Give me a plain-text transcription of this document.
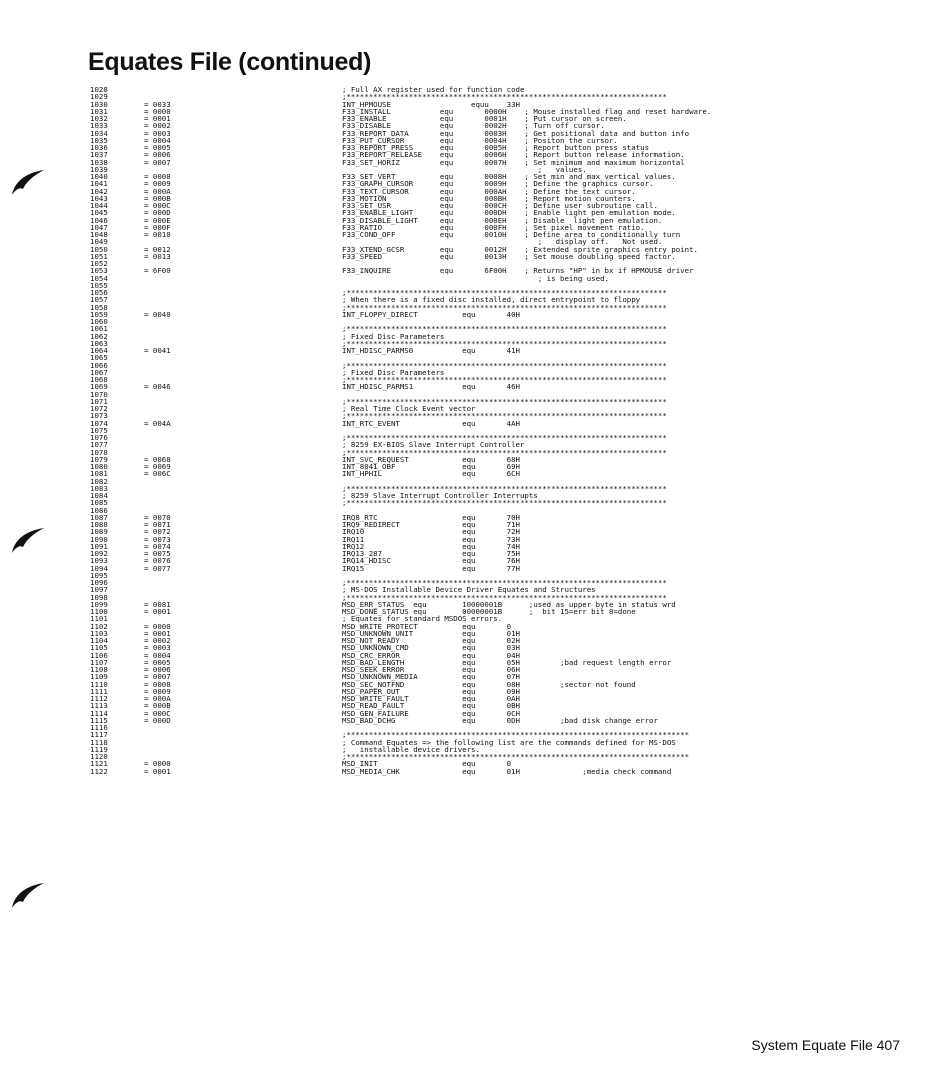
Equates File (continued)
1028	; Full AX register used for function code
1029	;************************************************************************
1030	= 0033	INT_HPMOUSE                  equu    33H
1031	= 0000	F33_INSTALL           equ       0000H    ; Mouse installed flag and reset hardware.
1032	= 0001	F33_ENABLE            equ       0001H    ; Put cursor on screen.
1033	= 0002	F33_DISABLE           equ       0002H    ; Turn off cursor.
1034	= 0003	F33_REPORT_DATA       equ       0003H    ; Get positional data and button info
1035	= 0004	F33_PUT_CURSOR        equ       0004H    ; Positon the cursor.
1036	= 0005	F33_REPORT_PRESS      equ       0005H    ; Report button press status
1037	= 0006	F33_REPORT_RELEASE    equ       0006H    ; Report button release information.
1038	= 0007	F33_SET_HORIZ         equ       0007H    ; Set minimum and maximum horizontal
1039	;   values.
1040	= 0008	F33_SET_VERT          equ       0008H    ; Set min and max vertical values.
1041	= 0009	F33_GRAPH_CURSOR      equ       0009H    ; Define the graphics cursor.
1042	= 000A	F33_TEXT_CURSOR       equ       000AH    ; Define the text cursor.
1043	= 000B	F33_MOTION            equ       000BH    ; Report motion counters.
1044	= 000C	F33_SET_USR           equ       000CH    ; Define user subroutine call.
1045	= 000D	F33_ENABLE_LIGHT      equ       000DH    ; Enable light pen emulation mode.
1046	= 000E	F33_DISABLE_LIGHT     equ       000EH    ; Disable  light pen emulation.
1047	= 000F	F33_RATIO             equ       000FH    ; Set pixel movement ratio.
1048	= 0010	F33_COND_OFF          equ       0010H    ; Define area to conditionally turn
1049	;   display off.   Not used.
1050	= 0012	F33_XTEND_GCSR        equ       0012H    ; Extended sprite graphics entry point.
1051	= 0013	F33_SPEED             equ       0013H    ; Set mouse doubling speed factor.
1052
1053	= 6F00	F33_INQUIRE           equ       6F00H    ; Returns "HP" in bx if HPMOUSE driver
1054	; is being used.
1055
1056	;************************************************************************
1057	; When there is a fixed disc installed, direct entrypoint to floppy
1058	;************************************************************************
1059	= 0040	INT_FLOPPY_DIRECT          equ       40H
1060
1061	;************************************************************************
1062	; Fixed Disc Parameters
1063	;************************************************************************
1064	= 0041	INT_HDISC_PARMS0           equ       41H
1065
1066	;************************************************************************
1067	; Fixed Disc Parameters
1068	;************************************************************************
1069	= 0046	INT_HDISC_PARMS1           equ       46H
1070
1071	;************************************************************************
1072	; Real Time Clock Event vector
1073	;************************************************************************
1074	= 004A	INT_RTC_EVENT              equ       4AH
1075
1076	;************************************************************************
1077	; 8259 EX-BIOS Slave Interrupt Controller
1078	;************************************************************************
1079	= 0068	INT_SVC_REQUEST            equ       68H
1080	= 0069	INT_8041_OBF               equ       69H
1081	= 006C	INT_HPHIL                  equ       6CH
1082
1083	;************************************************************************
1084	; 8259 Slave Interrupt Controller Interrupts
1085	;************************************************************************
1086
1087	= 0070	IRQ8_RTC                   equ       70H
1088	= 0071	IRQ9_REDIRECT              equ       71H
1089	= 0072	IRQ10                      equ       72H
1090	= 0073	IRQ11                      equ       73H
1091	= 0074	IRQ12                      equ       74H
1092	= 0075	IRQ13_287                  equ       75H
1093	= 0076	IRQ14_HDISC                equ       76H
1094	= 0077	IRQ15                      equ       77H
1095
1096	;************************************************************************
1097	; MS-DOS Installable Device Driver Equates and Structures
1098	;************************************************************************
1099	= 0081	MSD_ERR_STATUS  equ        10000001B      ;used as upper byte in status wrd
1100	= 0001	MSD_DONE_STATUS equ        00000001B      ;  bit 15=err bit 8=done
1101	; Equates for standard MSDOS errors.
1102	= 0000	MSD_WRITE_PROTECT          equ       0
1103	= 0001	MSD_UNKNOWN_UNIT           equ       01H
1104	= 0002	MSD_NOT_READY              equ       02H
1105	= 0003	MSD_UNKNOWN_CMD            equ       03H
1106	= 0004	MSD_CRC_ERROR              equ       04H
1107	= 0005	MSD_BAD_LENGTH             equ       05H         ;bad request length error
1108	= 0006	MSD_SEEK_ERROR             equ       06H
1109	= 0007	MSD_UNKNOWN_MEDIA          equ       07H
1110	= 0008	MSD_SEC_NOTFND             equ       08H         ;sector not found
1111	= 0009	MSD_PAPER_OUT              equ       09H
1112	= 000A	MSD_WRITE_FAULT            equ       0AH
1113	= 000B	MSD_READ_FAULT             equ       0BH
1114	= 000C	MSD_GEN_FAILURE            equ       0CH
1115	= 000D	MSD_BAD_DCHG               equ       0DH         ;bad disk change error
1116
1117	;*****************************************************************************
1118	; Command Equates => the following list are the commands defined for MS-DOS
1119	;   installable device drivers.
1120	;*****************************************************************************
1121	= 0000	MSD_INIT                   equ       0
1122	= 0001	MSD_MEDIA_CHK              equ       01H              ;media check command
System Equate File 407
